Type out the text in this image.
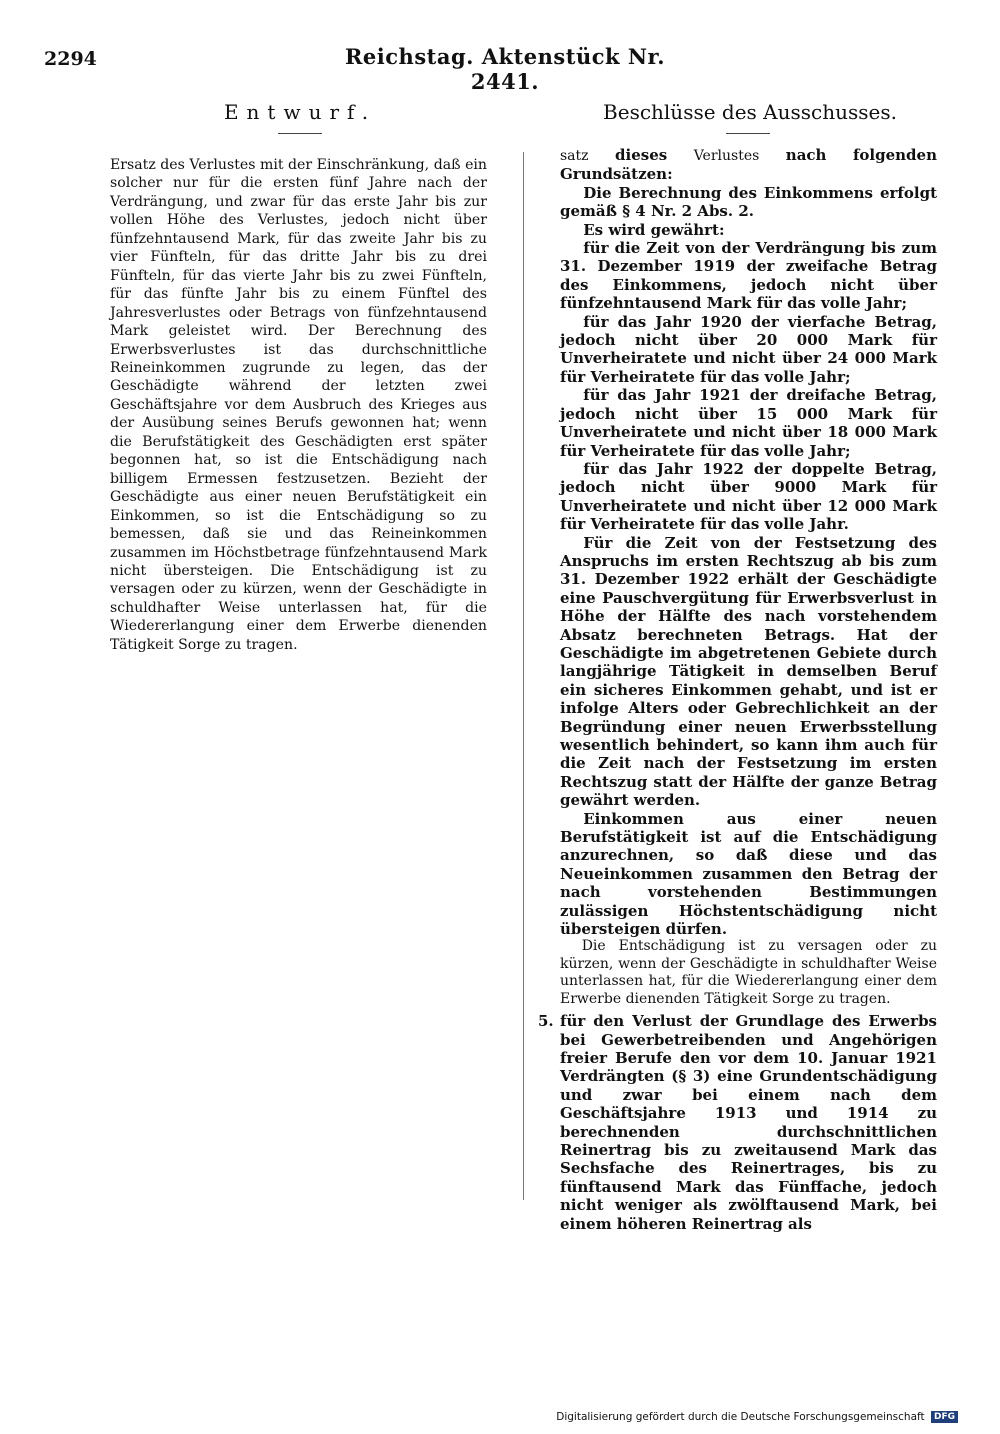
2294	Reichstag. Aktenstück Nr. 2441.
Entwurf.	Beschlüsse des Ausschusses.

Ersatz des Verlustes mit der Einschränkung, daß ein solcher nur für die ersten fünf Jahre nach der Verdrängung, und zwar für das erste Jahr bis zur vollen Höhe des Verlustes, jedoch nicht über fünfzehntausend Mark, für das zweite Jahr bis zu vier Fünfteln, für das dritte Jahr bis zu drei Fünfteln, für das vierte Jahr bis zu zwei Fünfteln, für das fünfte Jahr bis zu einem Fünftel des Jahresverlustes oder Betrags von fünfzehntausend Mark geleistet wird. Der Berechnung des Erwerbsverlustes ist das durchschnittliche Reineinkommen zugrunde zu legen, das der Geschädigte während der letzten zwei Geschäftsjahre vor dem Ausbruch des Krieges aus der Ausübung seines Berufs gewonnen hat; wenn die Berufstätigkeit des Geschädigten erst später begonnen hat, so ist die Entschädigung nach billigem Ermessen festzusetzen. Bezieht der Geschädigte aus einer neuen Berufstätigkeit ein Einkommen, so ist die Entschädigung so zu bemessen, daß sie und das Reineinkommen zusammen im Höchstbetrage fünfzehntausend Mark nicht übersteigen. Die Entschädigung ist zu versagen oder zu kürzen, wenn der Geschädigte in schuldhafter Weise unterlassen hat, für die Wiedererlangung einer dem Erwerbe dienenden Tätigkeit Sorge zu tragen.

satz dieses Verlustes nach folgenden Grundsätzen:

Die Berechnung des Einkommens erfolgt gemäß § 4 Nr. 2 Abs. 2.

Es wird gewährt:

für die Zeit von der Verdrängung bis zum 31. Dezember 1919 der zweifache Betrag des Einkommens, jedoch nicht über fünfzehntausend Mark für das volle Jahr;

für das Jahr 1920 der vierfache Betrag, jedoch nicht über 20 000 Mark für Unverheiratete und nicht über 24 000 Mark für Verheiratete für das volle Jahr;

für das Jahr 1921 der dreifache Betrag, jedoch nicht über 15 000 Mark für Unverheiratete und nicht über 18 000 Mark für Verheiratete für das volle Jahr;

für das Jahr 1922 der doppelte Betrag, jedoch nicht über 9000 Mark für Unverheiratete und nicht über 12 000 Mark für Verheiratete für das volle Jahr.

Für die Zeit von der Festsetzung des Anspruchs im ersten Rechtszug ab bis zum 31. Dezember 1922 erhält der Geschädigte eine Pauschvergütung für Erwerbsverlust in Höhe der Hälfte des nach vorstehendem Absatz berechneten Betrags. Hat der Geschädigte im abgetretenen Gebiete durch langjährige Tätigkeit in demselben Beruf ein sicheres Einkommen gehabt, und ist er infolge Alters oder Gebrechlichkeit an der Begründung einer neuen Erwerbsstellung wesentlich behindert, so kann ihm auch für die Zeit nach der Festsetzung im ersten Rechtszug statt der Hälfte der ganze Betrag gewährt werden.

Einkommen aus einer neuen Berufstätigkeit ist auf die Entschädigung anzurechnen, so daß diese und das Neueinkommen zusammen den Betrag der nach vorstehenden Bestimmungen zulässigen Höchstentschädigung nicht übersteigen dürfen.

Die Entschädigung ist zu versagen oder zu kürzen, wenn der Geschädigte in schuldhafter Weise unterlassen hat, für die Wiedererlangung einer dem Erwerbe dienenden Tätigkeit Sorge zu tragen.

5. für den Verlust der Grundlage des Erwerbs bei Gewerbetreibenden und Angehörigen freier Berufe den vor dem 10. Januar 1921 Verdrängten (§ 3) eine Grundentschädigung und zwar bei einem nach dem Geschäftsjahre 1913 und 1914 zu berechnenden durchschnittlichen Reinertrag bis zu zweitausend Mark das Sechsfache des Reinertrages, bis zu fünftausend Mark das Fünffache, jedoch nicht weniger als zwölftausend Mark, bei einem höheren Reinertrag als

Digitalisierung gefördert durch die Deutsche Forschungsgemeinschaft DFG
